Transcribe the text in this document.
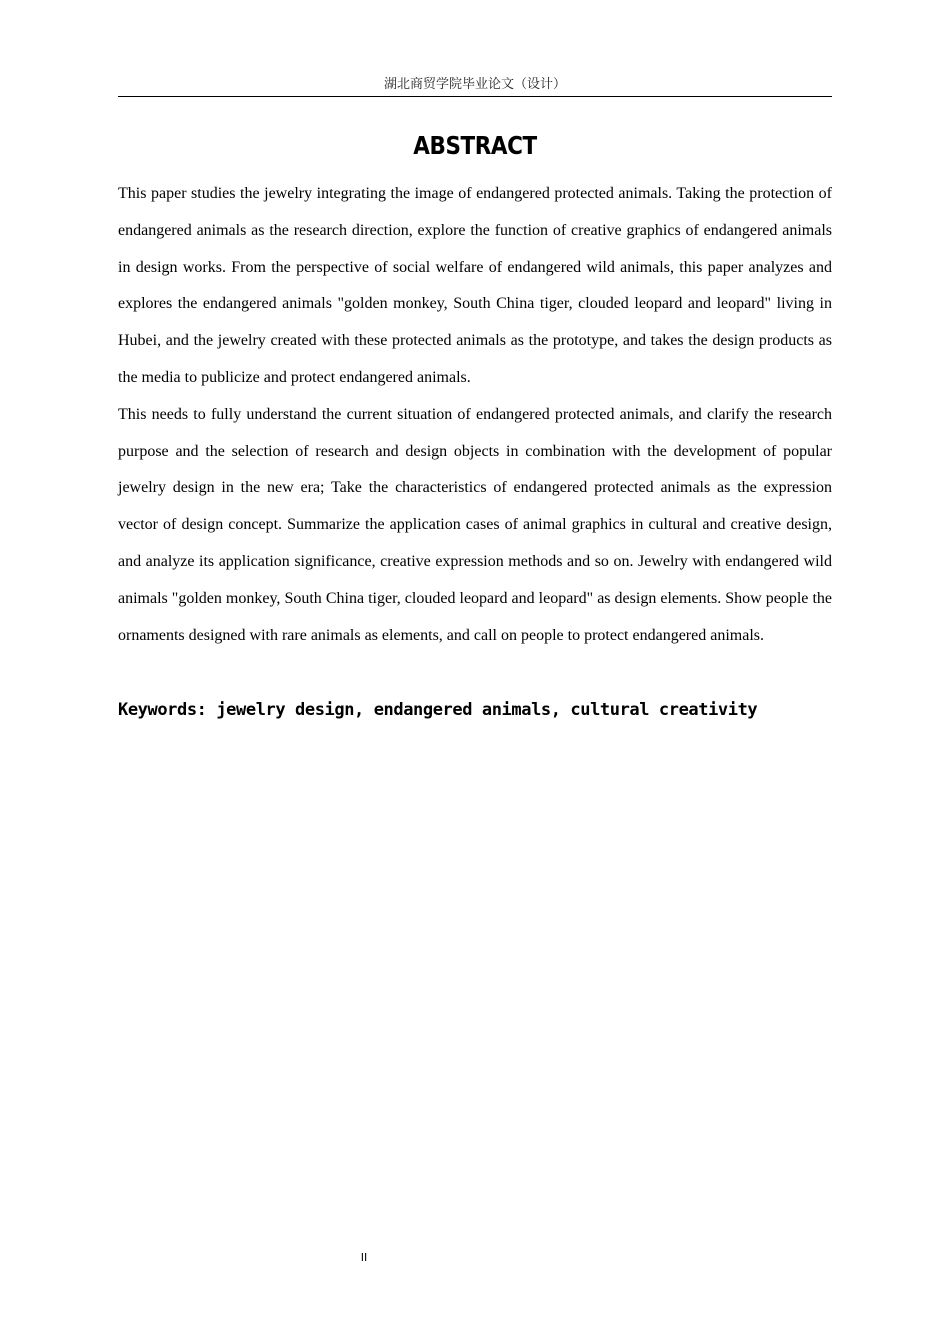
湖北商贸学院毕业论文（设计）
ABSTRACT

This paper studies the jewelry integrating the image of endangered protected animals. Taking the protection of endangered animals as the research direction, explore the function of creative graphics of endangered animals in design works. From the perspective of social welfare of endangered wild animals, this paper analyzes and explores the endangered animals "golden monkey, South China tiger, clouded leopard and leopard" living in Hubei, and the jewelry created with these protected animals as the prototype, and takes the design products as the media to publicize and protect endangered animals.

This needs to fully understand the current situation of endangered protected animals, and clarify the research purpose and the selection of research and design objects in combination with the development of popular jewelry design in the new era; Take the characteristics of endangered protected animals as the expression vector of design concept. Summarize the application cases of animal graphics in cultural and creative design, and analyze its application significance, creative expression methods and so on. Jewelry with endangered wild animals "golden monkey, South China tiger, clouded leopard and leopard" as design elements. Show people the ornaments designed with rare animals as elements, and call on people to protect endangered animals.

Keywords: jewelry design, endangered animals, cultural creativity
II
